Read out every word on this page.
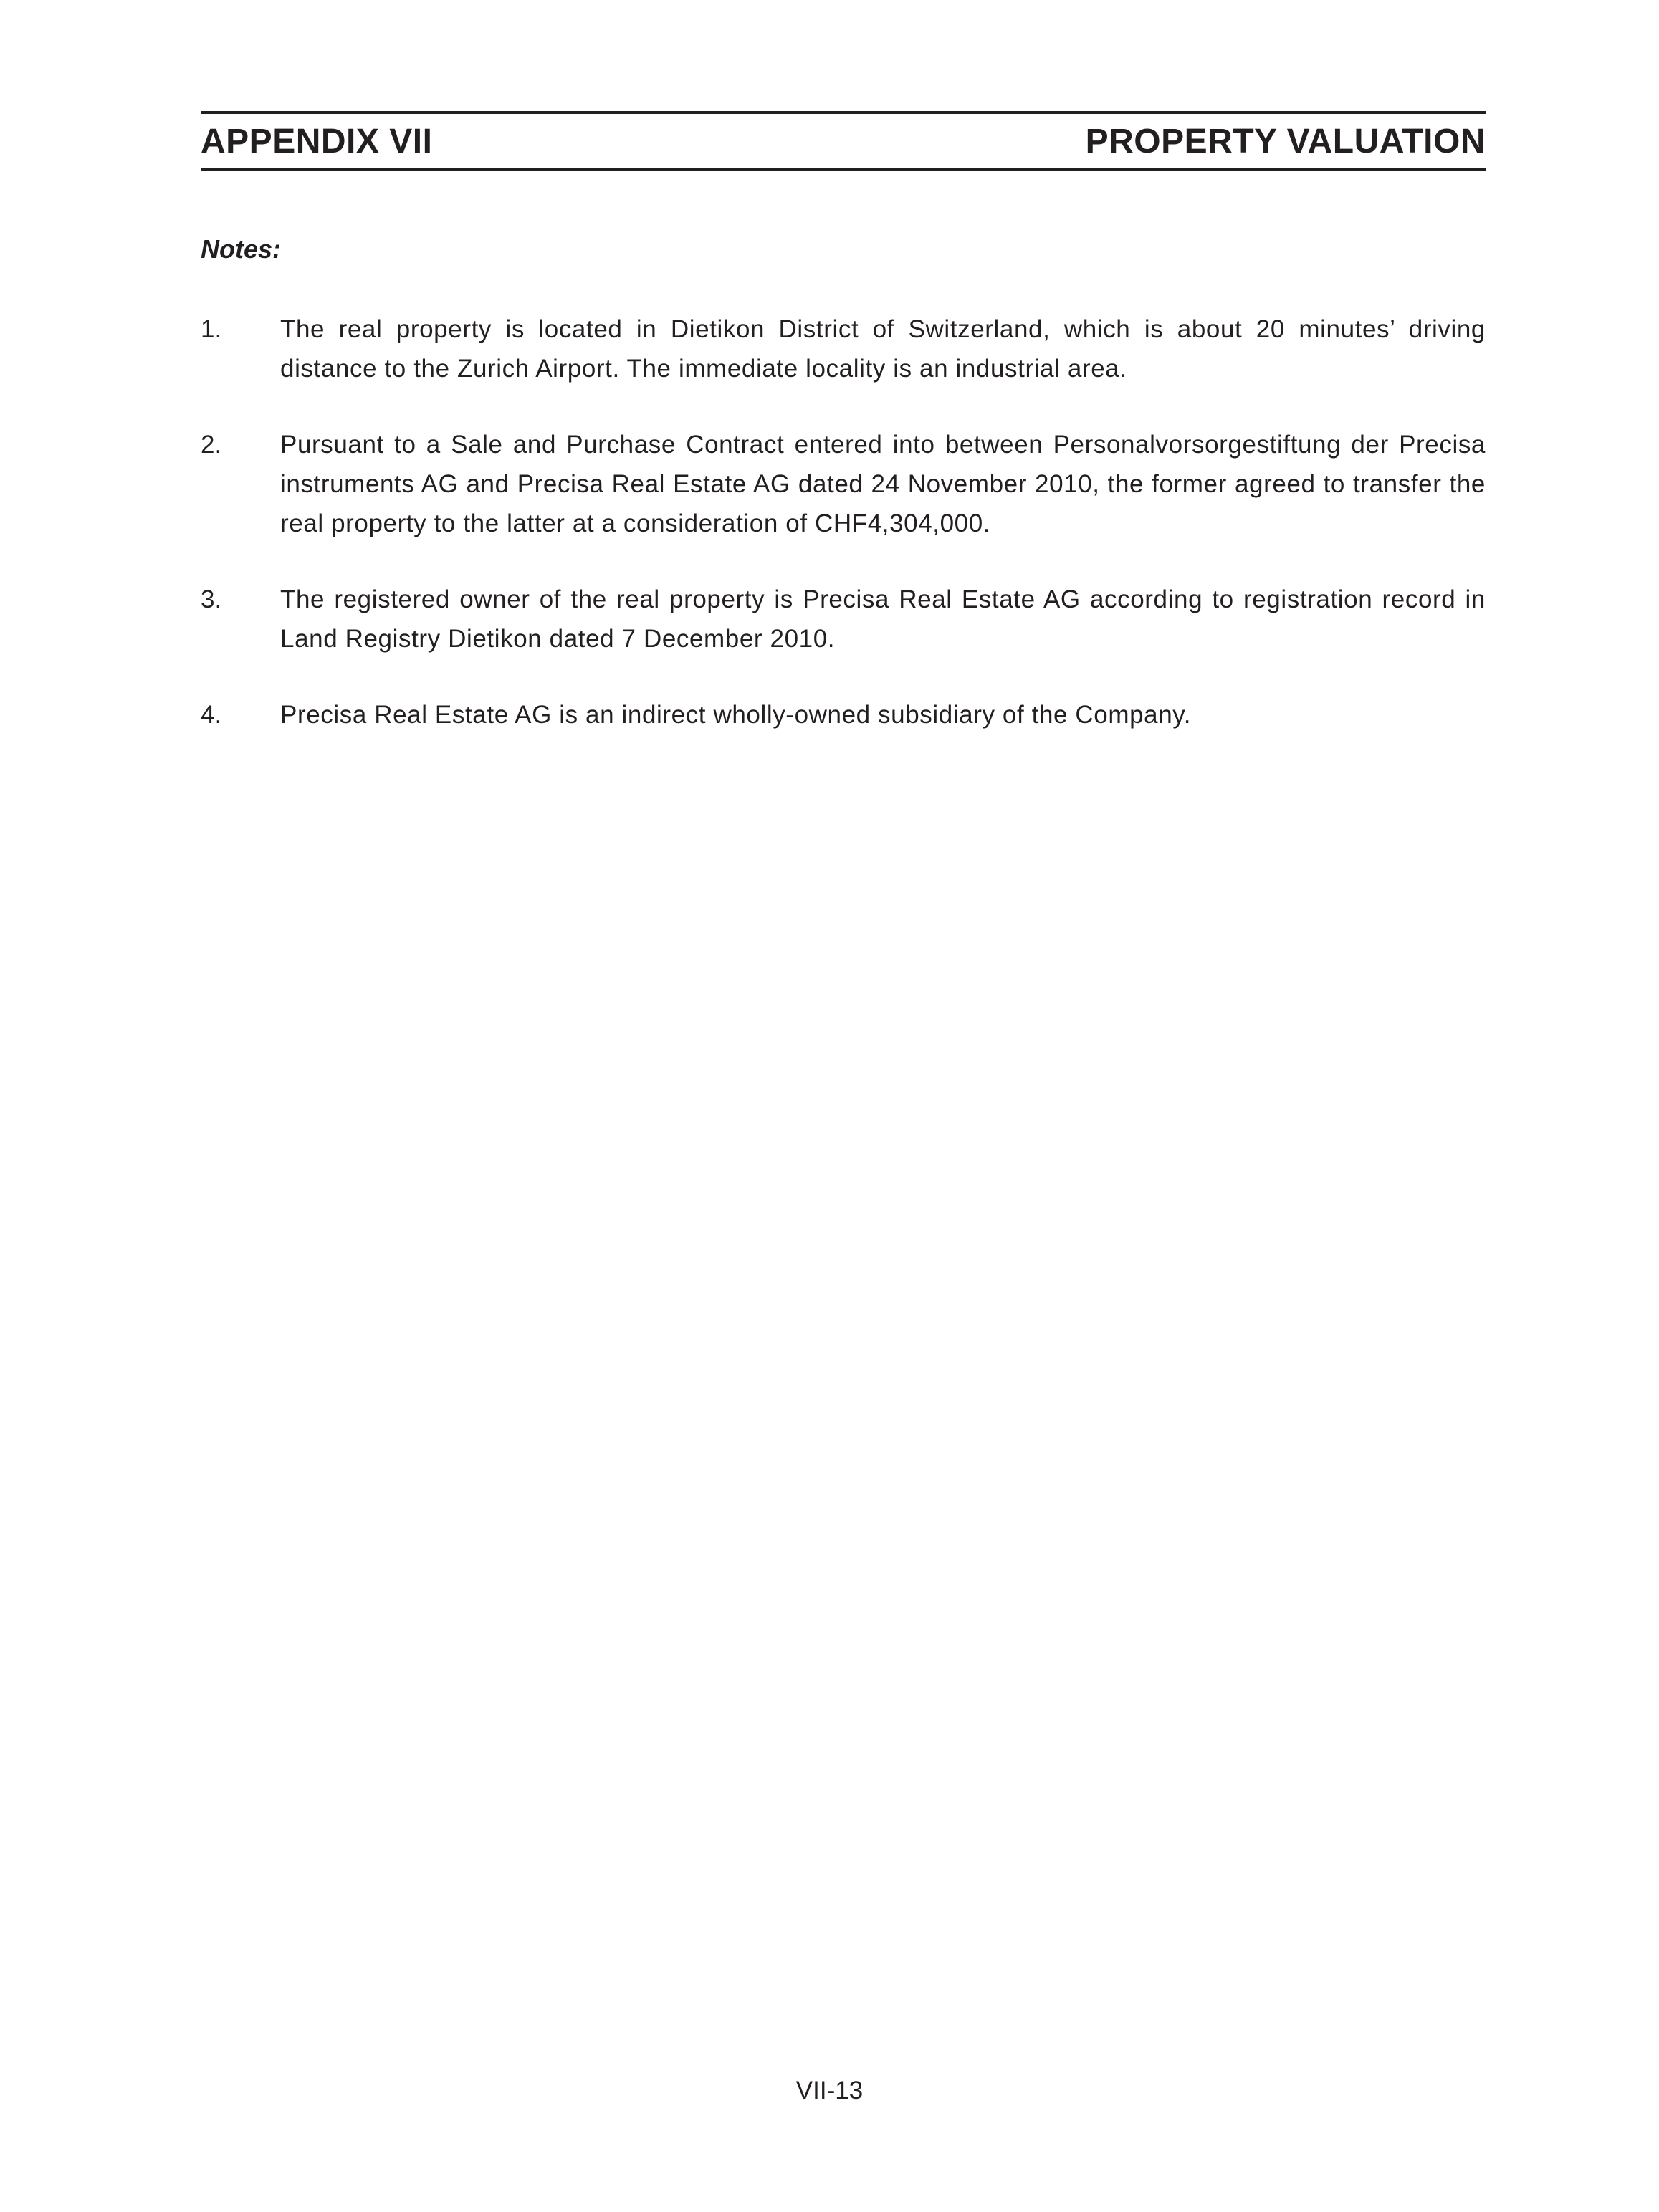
APPENDIX VII	PROPERTY VALUATION
Notes:
1. The real property is located in Dietikon District of Switzerland, which is about 20 minutes’ driving distance to the Zurich Airport. The immediate locality is an industrial area.
2. Pursuant to a Sale and Purchase Contract entered into between Personalvorsorgestiftung der Precisa instruments AG and Precisa Real Estate AG dated 24 November 2010, the former agreed to transfer the real property to the latter at a consideration of CHF4,304,000.
3. The registered owner of the real property is Precisa Real Estate AG according to registration record in Land Registry Dietikon dated 7 December 2010.
4. Precisa Real Estate AG is an indirect wholly-owned subsidiary of the Company.
VII-13
